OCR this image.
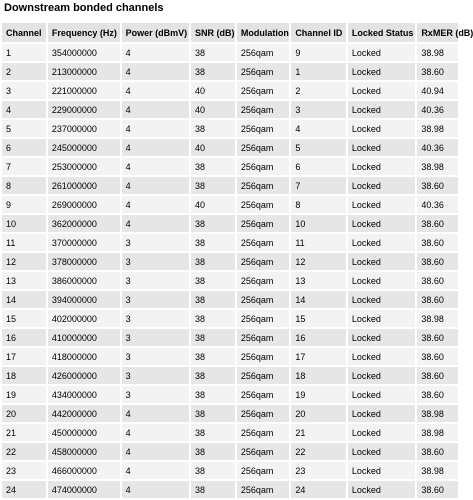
Downstream bonded channels
Channel	Frequency (Hz)	Power (dBmV)	SNR (dB)	Modulation	Channel ID	Locked Status	RxMER (dB)
1	354000000	4	38	256qam	9	Locked	38.98
2	213000000	4	38	256qam	1	Locked	38.60
3	221000000	4	40	256qam	2	Locked	40.94
4	229000000	4	40	256qam	3	Locked	40.36
5	237000000	4	38	256qam	4	Locked	38.98
6	245000000	4	40	256qam	5	Locked	40.36
7	253000000	4	38	256qam	6	Locked	38.98
8	261000000	4	38	256qam	7	Locked	38.60
9	269000000	4	40	256qam	8	Locked	40.36
10	362000000	4	38	256qam	10	Locked	38.60
11	370000000	3	38	256qam	11	Locked	38.60
12	378000000	3	38	256qam	12	Locked	38.60
13	386000000	3	38	256qam	13	Locked	38.60
14	394000000	3	38	256qam	14	Locked	38.60
15	402000000	3	38	256qam	15	Locked	38.98
16	410000000	3	38	256qam	16	Locked	38.60
17	418000000	3	38	256qam	17	Locked	38.60
18	426000000	3	38	256qam	18	Locked	38.60
19	434000000	3	38	256qam	19	Locked	38.60
20	442000000	4	38	256qam	20	Locked	38.98
21	450000000	4	38	256qam	21	Locked	38.98
22	458000000	4	38	256qam	22	Locked	38.60
23	466000000	4	38	256qam	23	Locked	38.98
24	474000000	4	38	256qam	24	Locked	38.60
